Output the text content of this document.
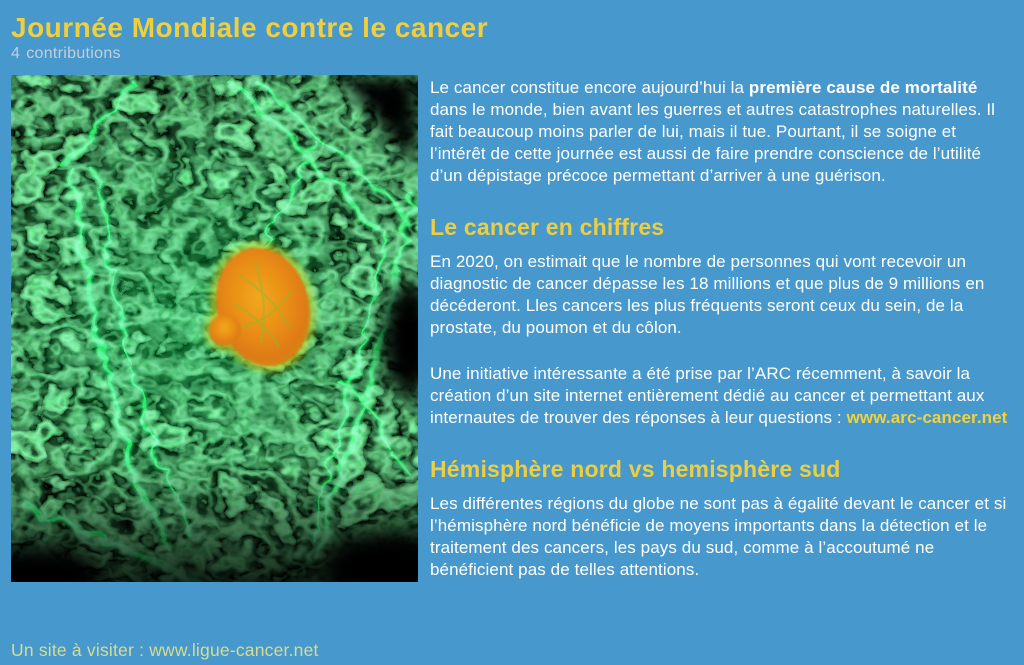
Journée Mondiale contre le cancer
4 contributions

Le cancer constitue encore aujourd’hui la première cause de mortalité dans le monde, bien avant les guerres et autres catastrophes naturelles. Il fait beaucoup moins parler de lui, mais il tue. Pourtant, il se soigne et l’intérêt de cette journée est aussi de faire prendre conscience de l’utilité d’un dépistage précoce permettant d’arriver à une guérison.

Le cancer en chiffres

En 2020, on estimait que le nombre de personnes qui vont recevoir un diagnostic de cancer dépasse les 18 millions et que plus de 9 millions en décéderont. Lles cancers les plus fréquents seront ceux du sein, de la prostate, du poumon et du côlon.

Une initiative intéressante a été prise par l’ARC récemment, à savoir la création d’un site internet entièrement dédié au cancer et permettant aux internautes de trouver des réponses à leur questions : www.arc-cancer.net

Hémisphère nord vs hemisphère sud

Les différentes régions du globe ne sont pas à égalité devant le cancer et si l’hémisphère nord bénéficie de moyens importants dans la détection et le traitement des cancers, les pays du sud, comme à l’accoutumé ne bénéficient pas de telles attentions.

Un site à visiter : www.ligue-cancer.net
